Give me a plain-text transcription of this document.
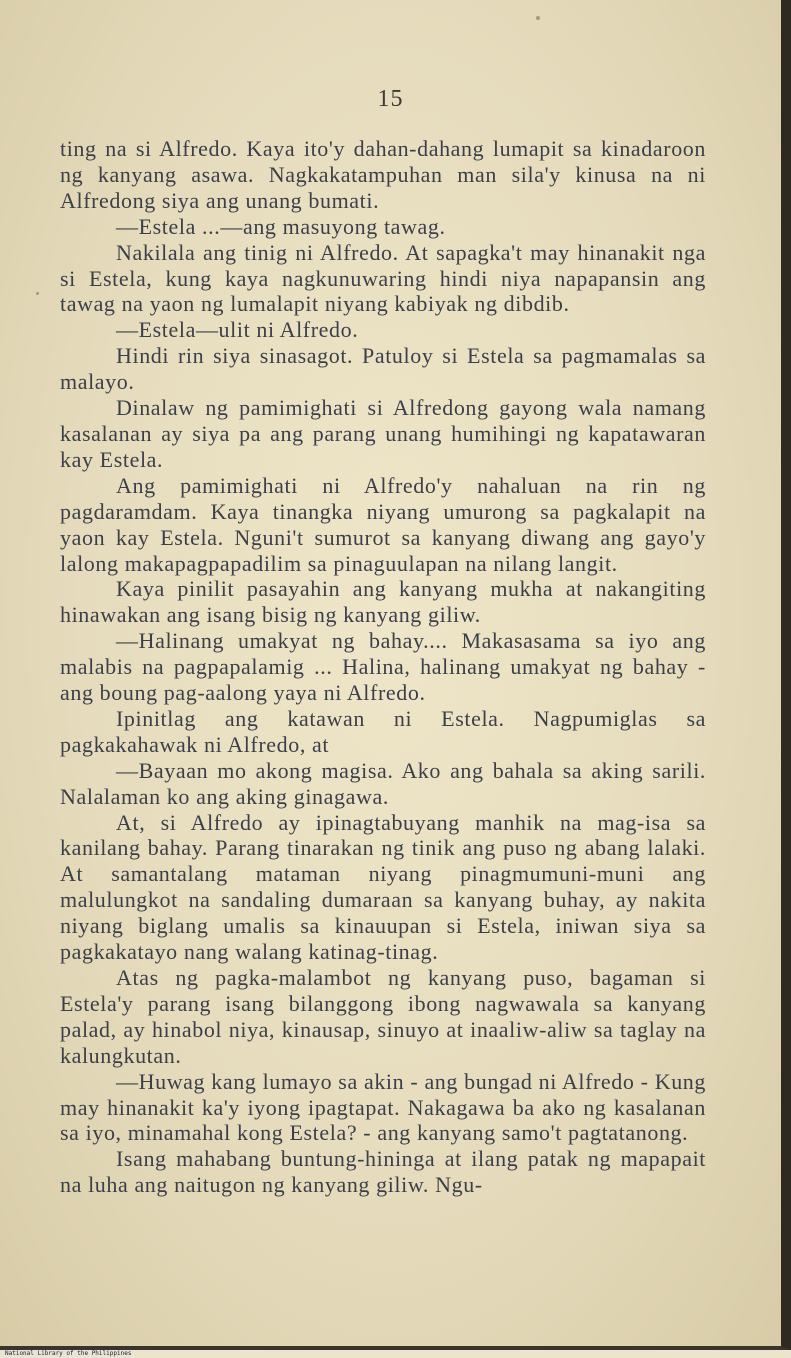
15

ting na si Alfredo. Kaya ito'y dahan-dahang lumapit sa kinadaroon ng kanyang asawa. Nagkakatampuhan man sila'y kinusa na ni Alfredong siya ang unang bumati.

—Estela ...—ang masuyong tawag.

Nakilala ang tinig ni Alfredo. At sapagka't may hinanakit nga si Estela, kung kaya nagkunuwaring hindi niya napapansin ang tawag na yaon ng lumalapit niyang kabiyak ng dibdib.

—Estela—ulit ni Alfredo.

Hindi rin siya sinasagot. Patuloy si Estela sa pagmamalas sa malayo.

Dinalaw ng pamimighati si Alfredong gayong wala namang kasalanan ay siya pa ang parang unang humihingi ng kapatawaran kay Estela.

Ang pamimighati ni Alfredo'y nahaluan na rin ng pagdaramdam. Kaya tinangka niyang umurong sa pagkalapit na yaon kay Estela. Nguni't sumurot sa kanyang diwang ang gayo'y lalong makapagpapadilim sa pinaguulapan na nilang langit.

Kaya pinilit pasayahin ang kanyang mukha at nakangiting hinawakan ang isang bisig ng kanyang giliw.

—Halinang umakyat ng bahay.... Makasasama sa iyo ang malabis na pagpapalamig ... Halina, halinang umakyat ng bahay -ang boung pag-aalong yaya ni Alfredo.

Ipinitlag ang katawan ni Estela. Nagpumiglas sa pagkakahawak ni Alfredo, at

—Bayaan mo akong magisa. Ako ang bahala sa aking sarili. Nalalaman ko ang aking ginagawa.

At, si Alfredo ay ipinagtabuyang manhik na mag-isa sa kanilang bahay. Parang tinarakan ng tinik ang puso ng abang lalaki. At samantalang mataman niyang pinagmumuni-muni ang malulungkot na sandaling dumaraan sa kanyang buhay, ay nakita niyang biglang umalis sa kinauupan si Estela, iniwan siya sa pagkakatayo nang walang katinag-tinag.

Atas ng pagka-malambot ng kanyang puso, bagaman si Estela'y parang isang bilanggong ibong nagwawala sa kanyang palad, ay hinabol niya, kinausap, sinuyo at inaaliw-aliw sa taglay na kalungkutan.

—Huwag kang lumayo sa akin - ang bungad ni Alfredo - Kung may hinanakit ka'y iyong ipagtapat. Nakagawa ba ako ng kasalanan sa iyo, minamahal kong Estela? - ang kanyang samo't pagtatanong.

Isang mahabang buntung-hininga at ilang patak ng mapapait na luha ang naitugon ng kanyang giliw. Ngu-

National Library of the Philippines
